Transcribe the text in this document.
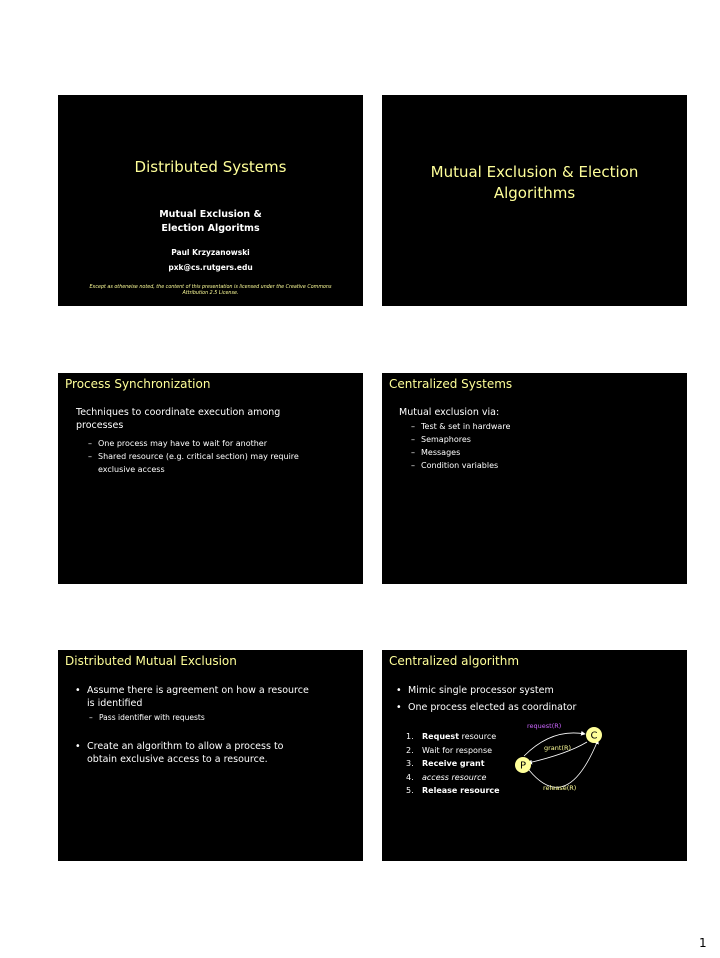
Distributed Systems
Mutual Exclusion &
Election Algoritms
Paul Krzyzanowski
pxk@cs.rutgers.edu
Except as otherwise noted, the content of this presentation is licensed under the Creative Commons Attribution 2.5 License.
Mutual Exclusion & Election
Algorithms
Process Synchronization
Techniques to coordinate execution among
processes
– One process may have to wait for another
– Shared resource (e.g. critical section) may require
exclusive access
Centralized Systems
Mutual exclusion via:
– Test & set in hardware
– Semaphores
– Messages
– Condition variables
Distributed Mutual Exclusion
• Assume there is agreement on how a resource
is identified
– Pass identifier with requests
• Create an algorithm to allow a process to
obtain exclusive access to a resource.
Centralized algorithm
• Mimic single processor system
• One process elected as coordinator
1. Request resource
2. Wait for response
3. Receive grant
4. access resource
5. Release resource
C
P
request(R)
grant(R)
release(R)
1
